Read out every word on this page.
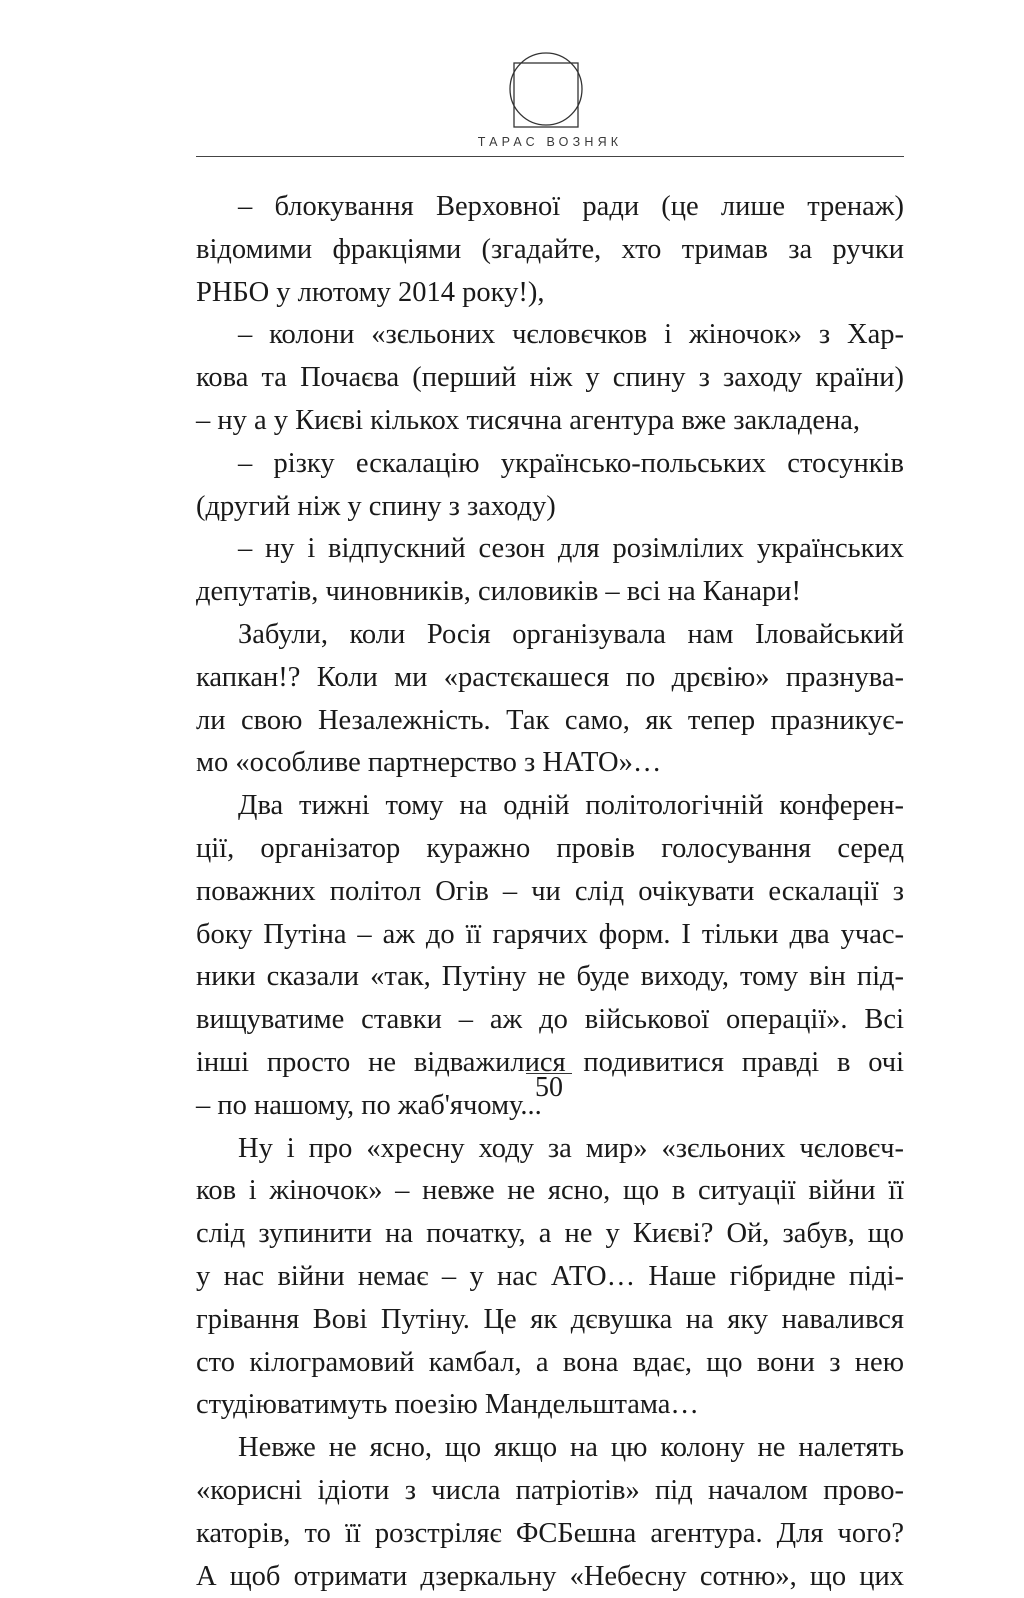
ТАРАС ВОЗНЯК
– блокування Верховної ради (це лише тренаж)
відомими фракціями (згадайте, хто тримав за ручки
РНБО у лютому 2014 року!),
– колони «зєльоних чєловєчков і жіночок» з Хар-
кова та Почаєва (перший ніж у спину з заходу країни)
– ну а у Києві кількох тисячна агентура вже закладена,
– різку ескалацію українсько-польських стосунків
(другий ніж у спину з заходу)
– ну і відпускний сезон для розімлілих українських
депутатів, чиновників, силовиків – всі на Канари!
Забули, коли Росія організувала нам Іловайський
капкан!? Коли ми «растєкашеся по дрєвію» празнува-
ли свою Незалежність. Так само, як тепер празникує-
мо «особливе партнерство з НАТО»…
Два тижні тому на одній політологічній конферен-
ції, організатор куражно провів голосування серед
поважних політол Огів – чи слід очікувати ескалації з
боку Путіна – аж до її гарячих форм. І тільки два учас-
ники сказали «так, Путіну не буде виходу, тому він під-
вищуватиме ставки – аж до військової операції». Всі
інші просто не відважилися подивитися правді в очі
– по нашому, по жаб'ячому...
Ну і про «хресну ходу за мир» «зєльоних чєловєч-
ков і жіночок» – невже не ясно, що в ситуації війни її
слід зупинити на початку, а не у Києві? Ой, забув, що
у нас війни немає – у нас АТО… Наше гібридне піді-
грівання Вові Путіну. Це як дєвушка на яку навалився
сто кілограмовий камбал, а вона вдає, що вони з нею
студіюватимуть поезію Мандельштама…
Невже не ясно, що якщо на цю колону не налетять
«корисні ідіоти з числа патріотів» під началом прово-
каторів, то її розстріляє ФСБешна агентура. Для чого?
А щоб отримати дзеркальну «Небесну сотню», що цих
50
